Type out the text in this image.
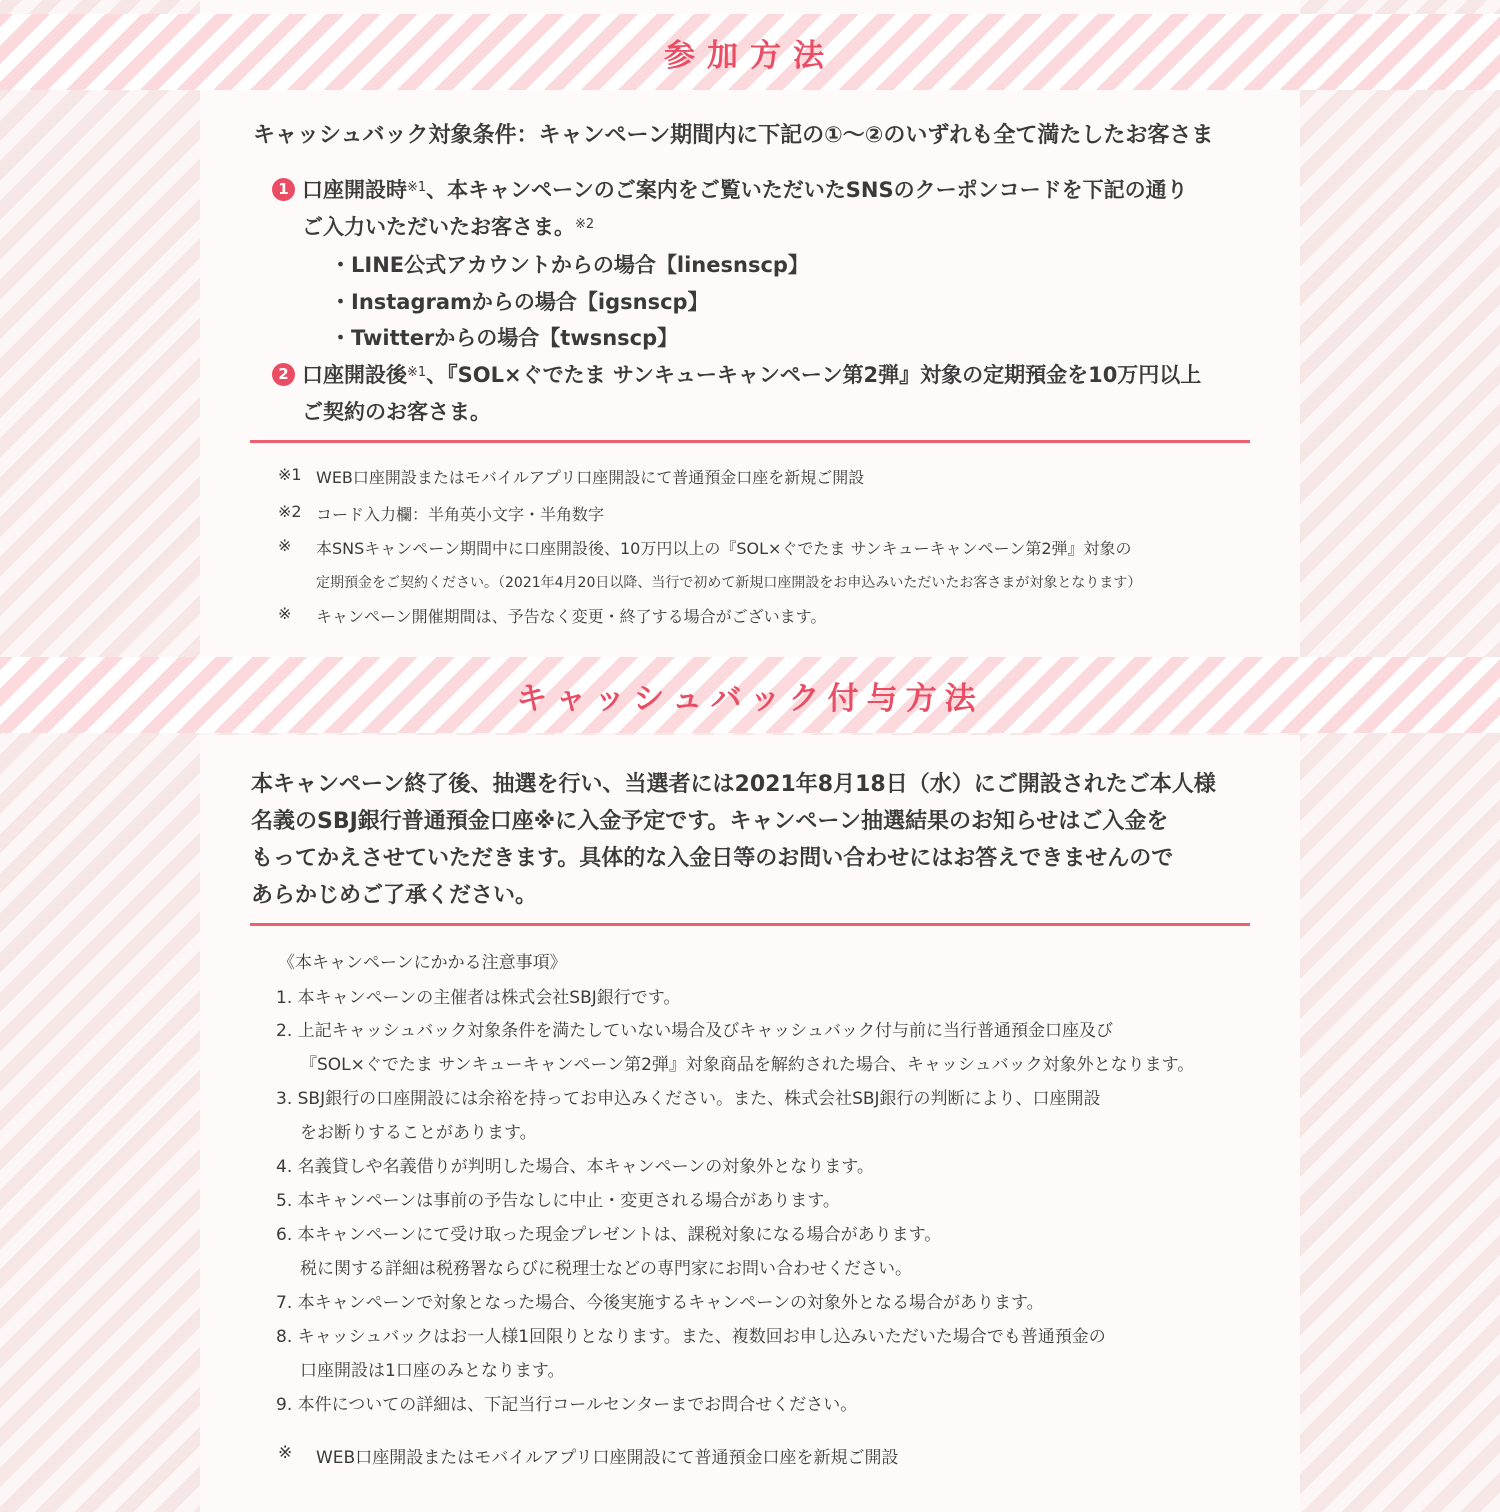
参加方法
キャッシュバック対象条件：キャンペーン期間内に下記の①〜②のいずれも全て満たしたお客さま
1 口座開設時$^{※1}$、本キャンペーンのご案内をご覧いただいたSNSのクーポンコードを下記の通り
ご入力いただいたお客さま。$^{※2}$
・LINE公式アカウントからの場合【linesnscp】
・Instagramからの場合【igsnscp】
・Twitterからの場合【twsnscp】
2 口座開設後$^{※1}$、『SOL×ぐでたま サンキューキャンペーン第2弾』対象の定期預金を10万円以上
ご契約のお客さま。
※1 WEB口座開設またはモバイルアプリ口座開設にて普通預金口座を新規ご開設
※2 コード入力欄：半角英小文字・半角数字
※ 本SNSキャンペーン期間中に口座開設後、10万円以上の『SOL×ぐでたま サンキューキャンペーン第2弾』対象の
定期預金をご契約ください。（2021年4月20日以降、当行で初めて新規口座開設をお申込みいただいたお客さまが対象となります）
※ キャンペーン開催期間は、予告なく変更・終了する場合がございます。
キャッシュバック付与方法
本キャンペーン終了後、抽選を行い、当選者には2021年8月18日（水）にご開設されたご本人様
名義のSBJ銀行普通預金口座※に入金予定です。キャンペーン抽選結果のお知らせはご入金を
もってかえさせていただきます。具体的な入金日等のお問い合わせにはお答えできませんので
あらかじめご了承ください。
《本キャンペーンにかかる注意事項》
1. 本キャンペーンの主催者は株式会社SBJ銀行です。
2. 上記キャッシュバック対象条件を満たしていない場合及びキャッシュバック付与前に当行普通預金口座及び
『SOL×ぐでたま サンキューキャンペーン第2弾』対象商品を解約された場合、キャッシュバック対象外となります。
3. SBJ銀行の口座開設には余裕を持ってお申込みください。また、株式会社SBJ銀行の判断により、口座開設
をお断りすることがあります。
4. 名義貸しや名義借りが判明した場合、本キャンペーンの対象外となります。
5. 本キャンペーンは事前の予告なしに中止・変更される場合があります。
6. 本キャンペーンにて受け取った現金プレゼントは、課税対象になる場合があります。
税に関する詳細は税務署ならびに税理士などの専門家にお問い合わせください。
7. 本キャンペーンで対象となった場合、今後実施するキャンペーンの対象外となる場合があります。
8. キャッシュバックはお一人様1回限りとなります。また、複数回お申し込みいただいた場合でも普通預金の
口座開設は1口座のみとなります。
9. 本件についての詳細は、下記当行コールセンターまでお問合せください。
※ WEB口座開設またはモバイルアプリ口座開設にて普通預金口座を新規ご開設
